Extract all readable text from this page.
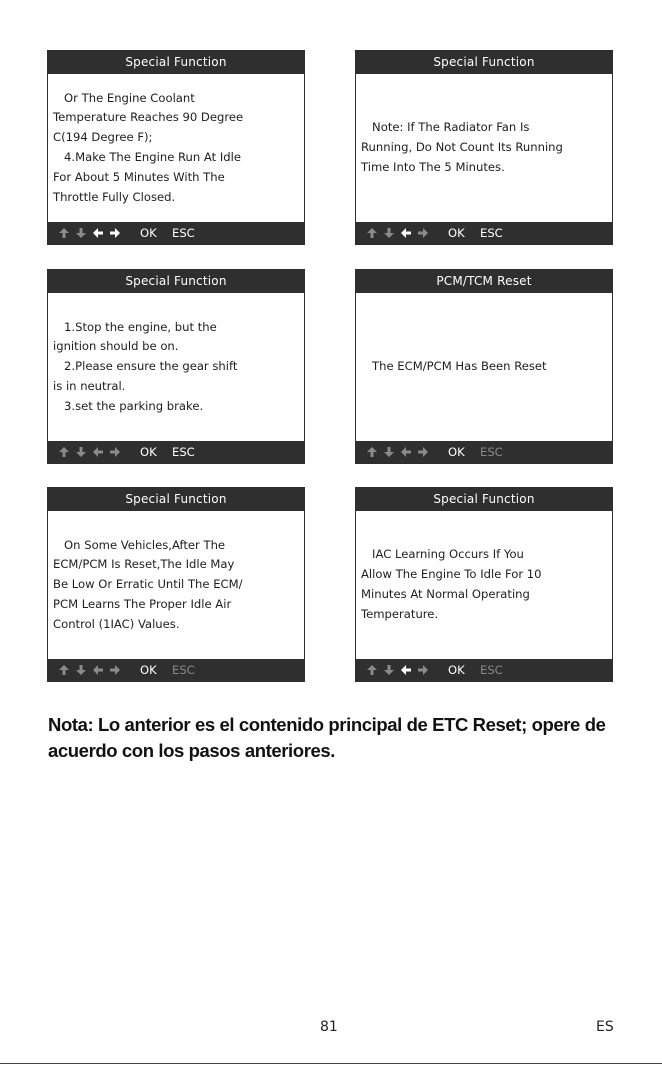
Special Function
Or The Engine Coolant
Temperature Reaches 90 Degree
C(194 Degree F);
4.Make The Engine Run At Idle
For About 5 Minutes With The
Throttle Fully Closed.
OK ESC
Special Function
Note: If The Radiator Fan Is
Running, Do Not Count Its Running
Time Into The 5 Minutes.
OK ESC
Special Function
1.Stop the engine, but the
ignition should be on.
2.Please ensure the gear shift
is in neutral.
3.set the parking brake.
OK ESC
PCM/TCM Reset
The ECM/PCM Has Been Reset
OK ESC
Special Function
On Some Vehicles,After The
ECM/PCM Is Reset,The Idle May
Be Low Or Erratic Until The ECM/
PCM Learns The Proper Idle Air
Control (1IAC) Values.
OK ESC
Special Function
IAC Learning Occurs If You
Allow The Engine To Idle For 10
Minutes At Normal Operating
Temperature.
OK ESC
Nota: Lo anterior es el contenido principal de ETC Reset; opere de acuerdo con los pasos anteriores.
81	ES
